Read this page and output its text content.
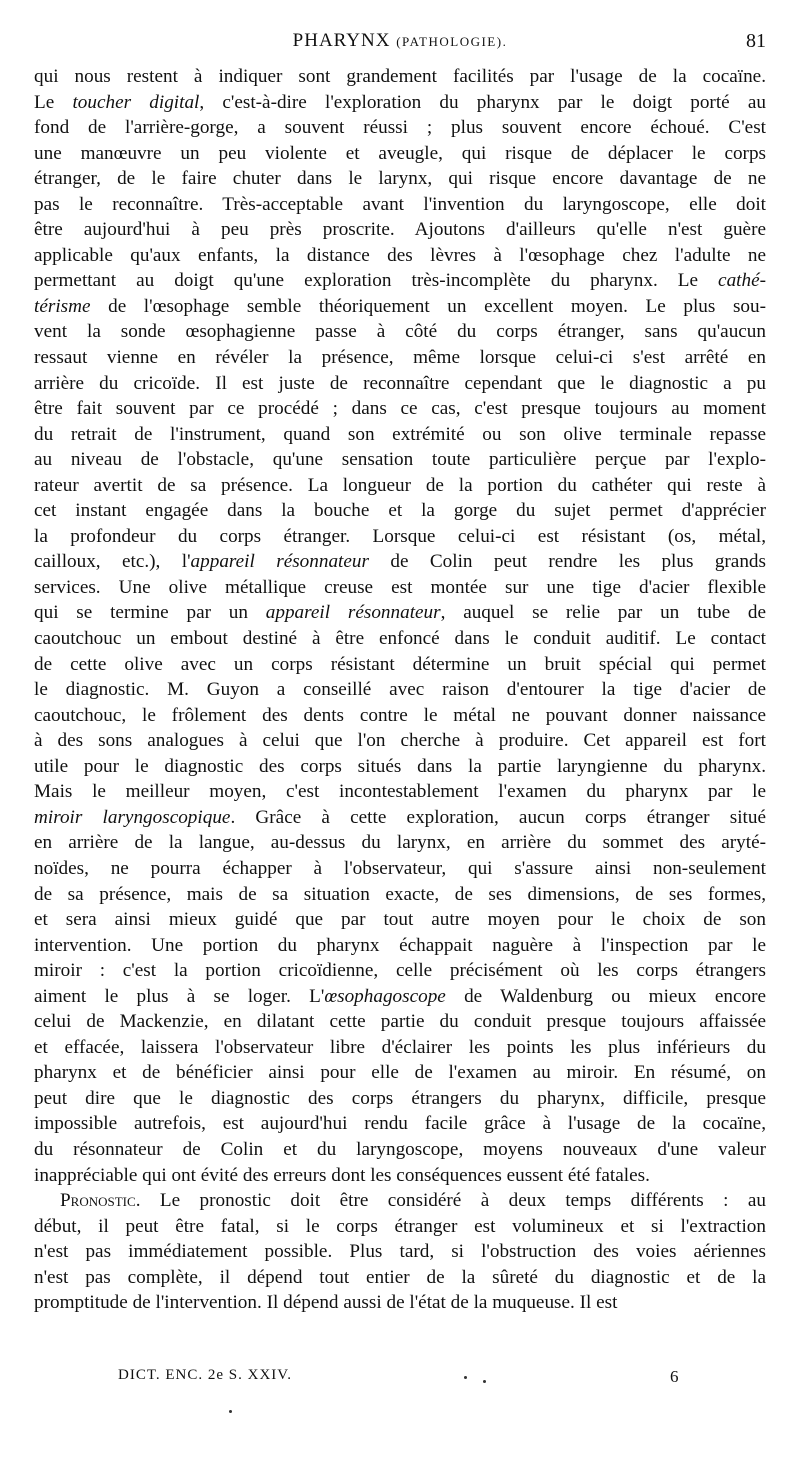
PHARYNX (PATHOLOGIE).	81
qui nous restent à indiquer sont grandement facilités par l'usage de la cocaïne.
Le toucher digital, c'est-à-dire l'exploration du pharynx par le doigt porté au
fond de l'arrière-gorge, a souvent réussi ; plus souvent encore échoué. C'est
une manœuvre un peu violente et aveugle, qui risque de déplacer le corps
étranger, de le faire chuter dans le larynx, qui risque encore davantage de ne
pas le reconnaître. Très-acceptable avant l'invention du laryngoscope, elle doit
être aujourd'hui à peu près proscrite. Ajoutons d'ailleurs qu'elle n'est guère
applicable qu'aux enfants, la distance des lèvres à l'œsophage chez l'adulte ne
permettant au doigt qu'une exploration très-incomplète du pharynx. Le cathé-
térisme de l'œsophage semble théoriquement un excellent moyen. Le plus sou-
vent la sonde œsophagienne passe à côté du corps étranger, sans qu'aucun
ressaut vienne en révéler la présence, même lorsque celui-ci s'est arrêté en
arrière du cricoïde. Il est juste de reconnaître cependant que le diagnostic a pu
être fait souvent par ce procédé ; dans ce cas, c'est presque toujours au moment
du retrait de l'instrument, quand son extrémité ou son olive terminale repasse
au niveau de l'obstacle, qu'une sensation toute particulière perçue par l'explo-
rateur avertit de sa présence. La longueur de la portion du cathéter qui reste à
cet instant engagée dans la bouche et la gorge du sujet permet d'apprécier
la profondeur du corps étranger. Lorsque celui-ci est résistant (os, métal,
cailloux, etc.), l'appareil résonnateur de Colin peut rendre les plus grands
services. Une olive métallique creuse est montée sur une tige d'acier flexible
qui se termine par un appareil résonnateur, auquel se relie par un tube de
caoutchouc un embout destiné à être enfoncé dans le conduit auditif. Le contact
de cette olive avec un corps résistant détermine un bruit spécial qui permet
le diagnostic. M. Guyon a conseillé avec raison d'entourer la tige d'acier de
caoutchouc, le frôlement des dents contre le métal ne pouvant donner naissance
à des sons analogues à celui que l'on cherche à produire. Cet appareil est fort
utile pour le diagnostic des corps situés dans la partie laryngienne du pharynx.
Mais le meilleur moyen, c'est incontestablement l'examen du pharynx par le
miroir laryngoscopique. Grâce à cette exploration, aucun corps étranger situé
en arrière de la langue, au-dessus du larynx, en arrière du sommet des aryté-
noïdes, ne pourra échapper à l'observateur, qui s'assure ainsi non-seulement
de sa présence, mais de sa situation exacte, de ses dimensions, de ses formes,
et sera ainsi mieux guidé que par tout autre moyen pour le choix de son
intervention. Une portion du pharynx échappait naguère à l'inspection par le
miroir : c'est la portion cricoïdienne, celle précisément où les corps étrangers
aiment le plus à se loger. L'œsophagoscope de Waldenburg ou mieux encore
celui de Mackenzie, en dilatant cette partie du conduit presque toujours affaissée
et effacée, laissera l'observateur libre d'éclairer les points les plus inférieurs du
pharynx et de bénéficier ainsi pour elle de l'examen au miroir. En résumé, on
peut dire que le diagnostic des corps étrangers du pharynx, difficile, presque
impossible autrefois, est aujourd'hui rendu facile grâce à l'usage de la cocaïne,
du résonnateur de Colin et du laryngoscope, moyens nouveaux d'une valeur
inappréciable qui ont évité des erreurs dont les conséquences eussent été fatales.
Pronostic. Le pronostic doit être considéré à deux temps différents : au
début, il peut être fatal, si le corps étranger est volumineux et si l'extraction
n'est pas immédiatement possible. Plus tard, si l'obstruction des voies aériennes
n'est pas complète, il dépend tout entier de la sûreté du diagnostic et de la
promptitude de l'intervention. Il dépend aussi de l'état de la muqueuse. Il est
DICT. ENC. 2e S. XXIV.	6
